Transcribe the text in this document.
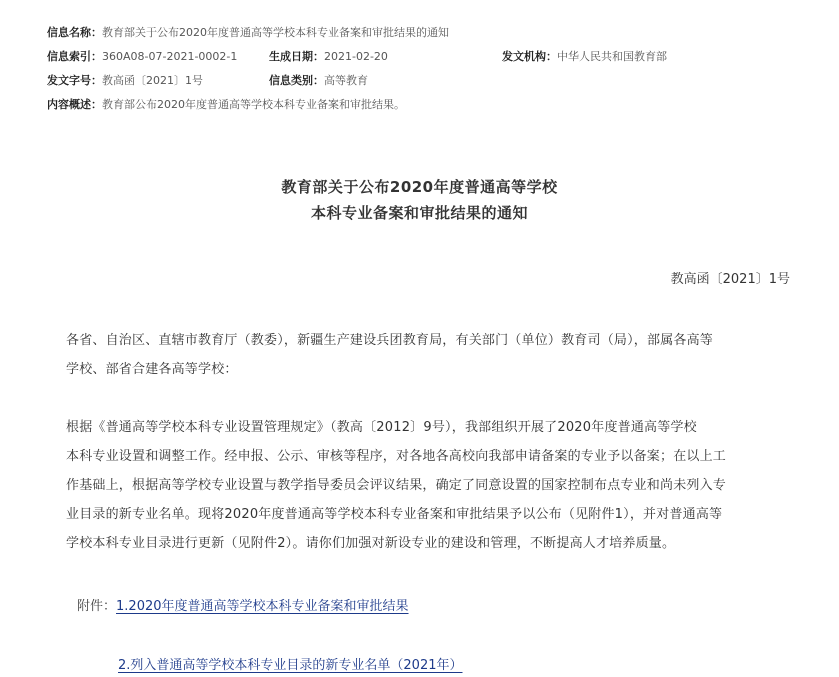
信息名称：教育部关于公布2020年度普通高等学校本科专业备案和审批结果的通知
信息索引：360A08-07-2021-0002-1	生成日期：2021-02-20	发文机构：中华人民共和国教育部
发文字号：教高函〔2021〕1号	信息类别：高等教育
内容概述：教育部公布2020年度普通高等学校本科专业备案和审批结果。
教育部关于公布2020年度普通高等学校
本科专业备案和审批结果的通知
教高函〔2021〕1号
各省、自治区、直辖市教育厅（教委），新疆生产建设兵团教育局，有关部门（单位）教育司（局），部属各高等
学校、部省合建各高等学校：
根据《普通高等学校本科专业设置管理规定》（教高〔2012〕9号），我部组织开展了2020年度普通高等学校
本科专业设置和调整工作。经申报、公示、审核等程序，对各地各高校向我部申请备案的专业予以备案；在以上工
作基础上，根据高等学校专业设置与教学指导委员会评议结果，确定了同意设置的国家控制布点专业和尚未列入专
业目录的新专业名单。现将2020年度普通高等学校本科专业备案和审批结果予以公布（见附件1），并对普通高等
学校本科专业目录进行更新（见附件2）。请你们加强对新设专业的建设和管理，不断提高人才培养质量。
附件：1.2020年度普通高等学校本科专业备案和审批结果
2.列入普通高等学校本科专业目录的新专业名单（2021年）
